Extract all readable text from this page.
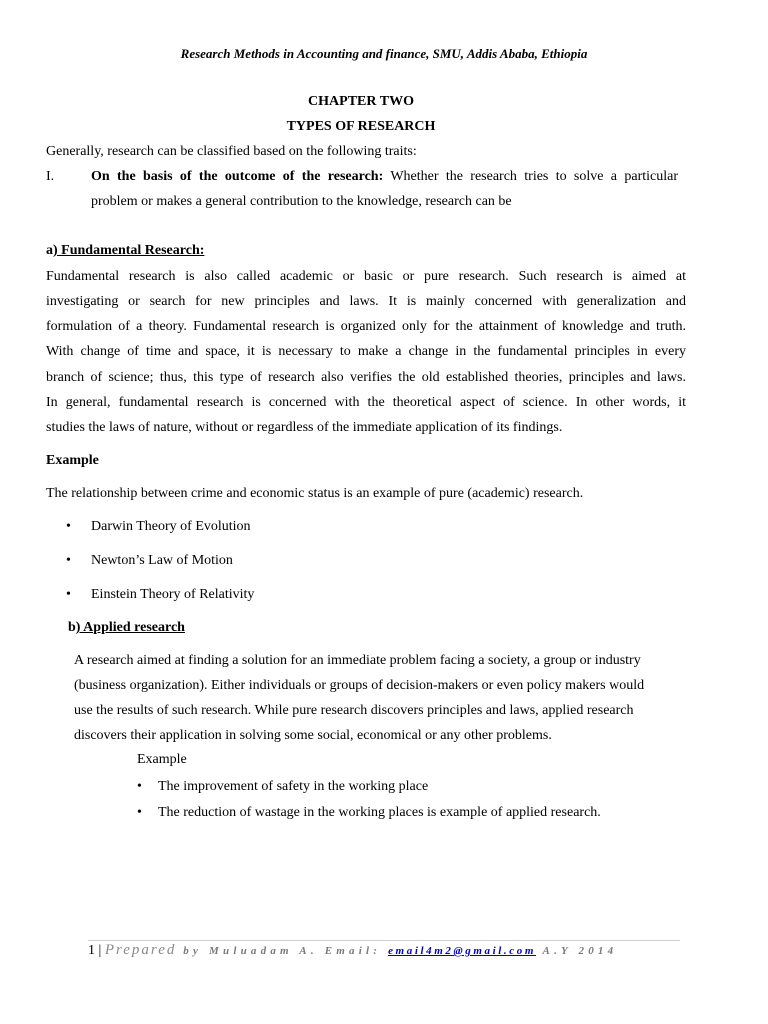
Research Methods in Accounting and finance, SMU, Addis Ababa, Ethiopia
CHAPTER TWO
TYPES OF RESEARCH
Generally, research can be classified based on the following traits:
I.	On the basis of the outcome of the research: Whether the research tries to solve a particular
problem or makes a general contribution to the knowledge, research can be
a) Fundamental Research:
Fundamental research is also called academic or basic or pure research. Such research is aimed at
investigating or search for new principles and laws. It is mainly concerned with generalization and
formulation of a theory. Fundamental research is organized only for the attainment of knowledge and truth.
With change of time and space, it is necessary to make a change in the fundamental principles in every
branch of science; thus, this type of research also verifies the old established theories, principles and laws.
In general, fundamental research is concerned with the theoretical aspect of science. In other words, it
studies the laws of nature, without or regardless of the immediate application of its findings.
Example
The relationship between crime and economic status is an example of pure (academic) research.
• Darwin Theory of Evolution
• Newton’s Law of Motion
• Einstein Theory of Relativity
b) Applied research
A research aimed at finding a solution for an immediate problem facing a society, a group or industry
(business organization). Either individuals or groups of decision-makers or even policy makers would
use the results of such research. While pure research discovers principles and laws, applied research
discovers their application in solving some social, economical or any other problems.
Example
• The improvement of safety in the working place
• The reduction of wastage in the working places is example of applied research.
1 | Prepared by Muluadam A. Email: email4m2@gmail.com A.Y 2014
